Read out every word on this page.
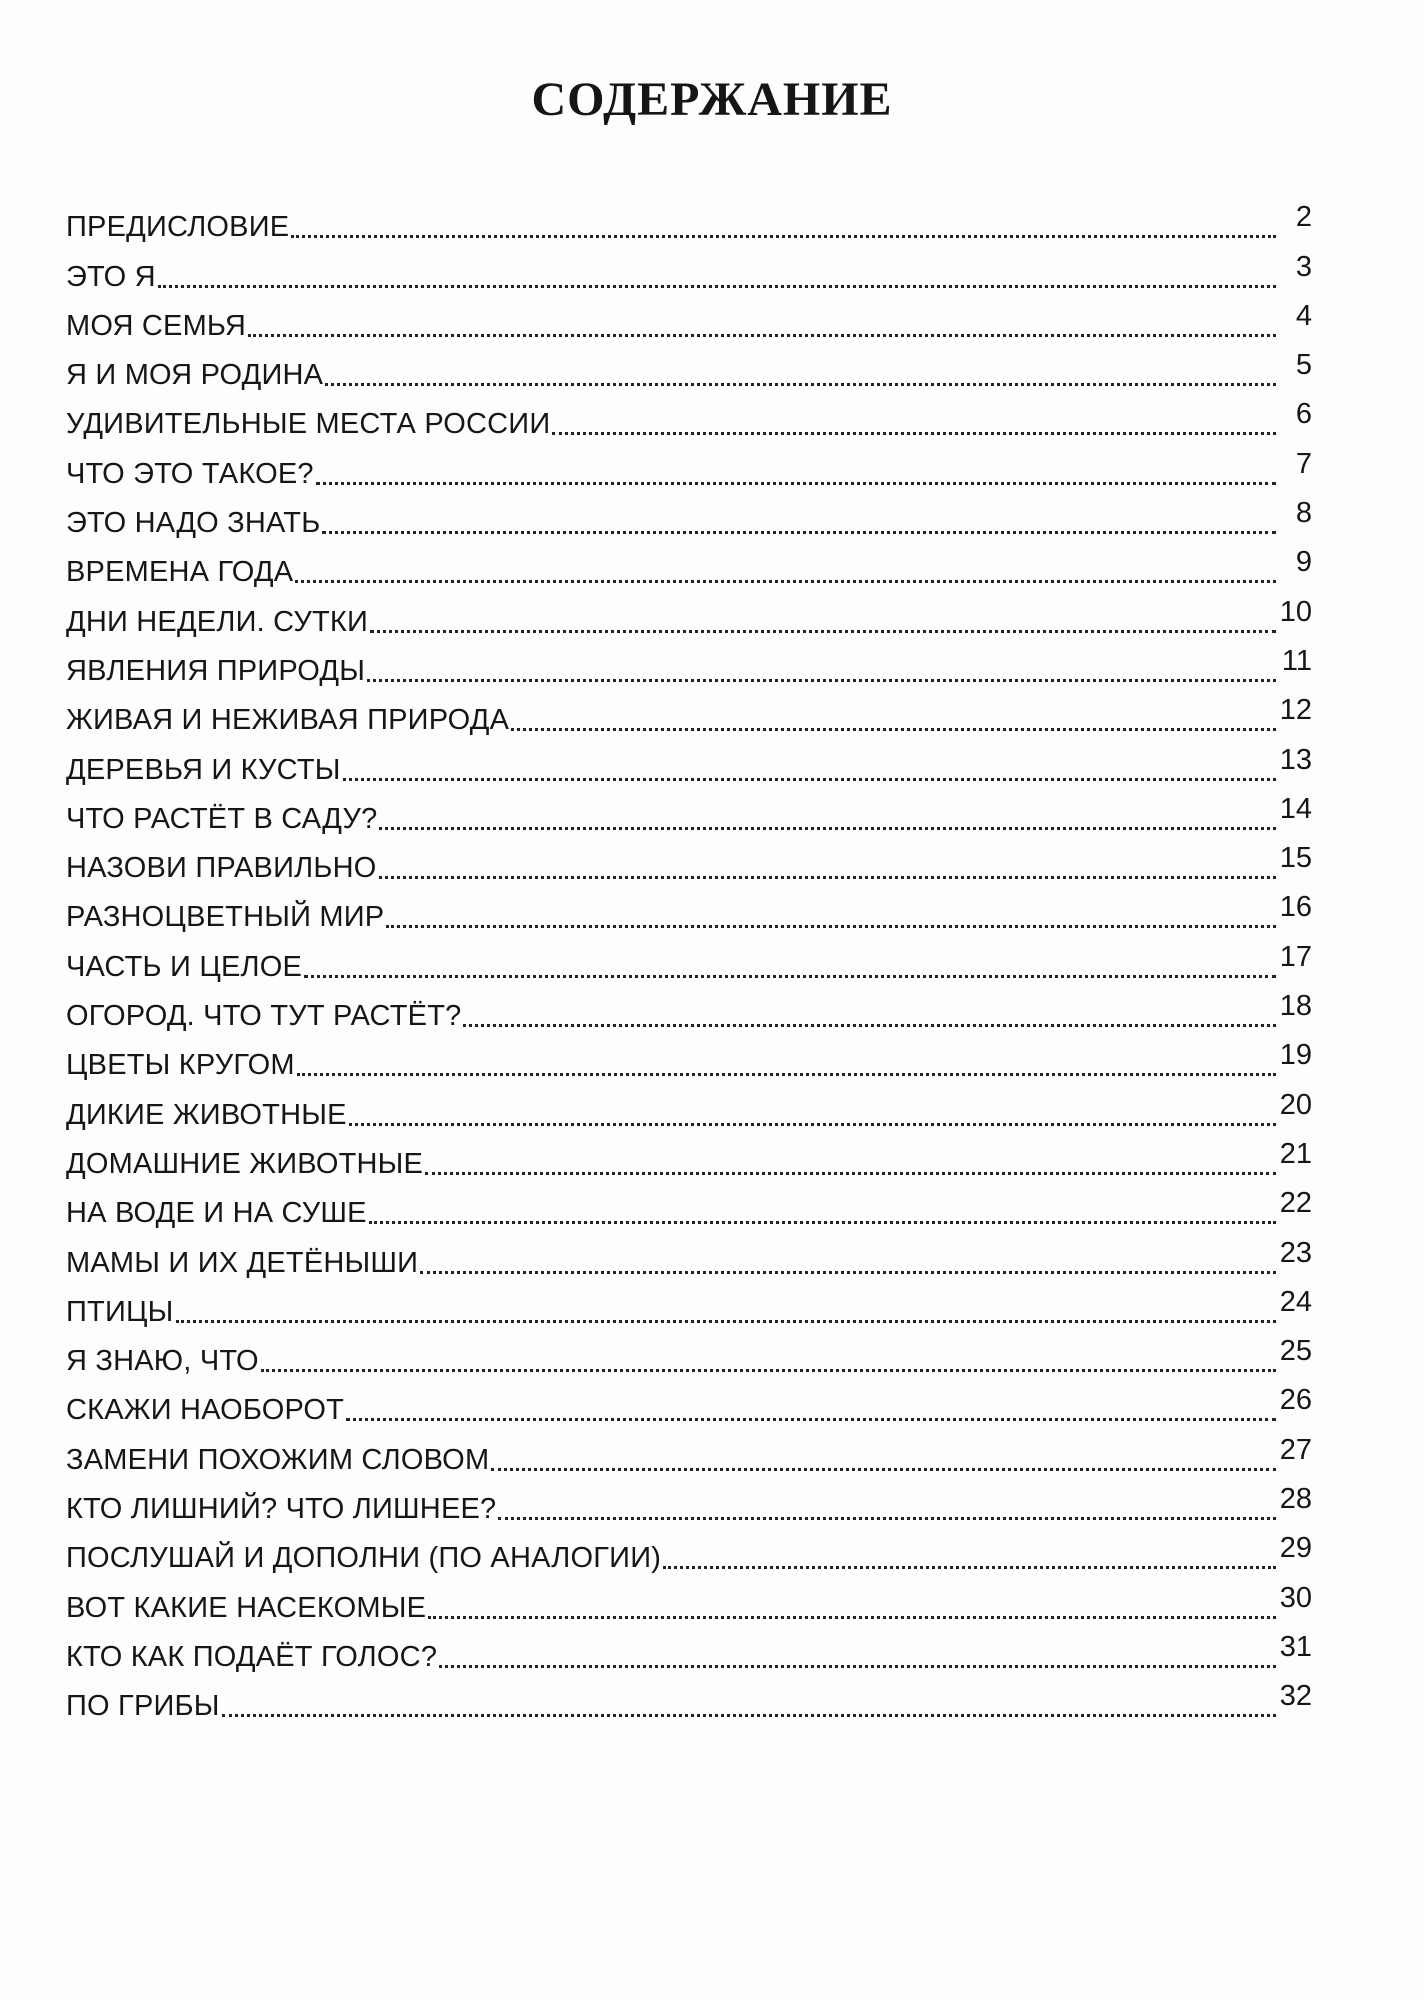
СОДЕРЖАНИЕ
ПРЕДИСЛОВИЕ	2
ЭТО Я	3
МОЯ СЕМЬЯ	4
Я И МОЯ РОДИНА	5
УДИВИТЕЛЬНЫЕ МЕСТА РОССИИ	6
ЧТО ЭТО ТАКОЕ?	7
ЭТО НАДО ЗНАТЬ	8
ВРЕМЕНА ГОДА	9
ДНИ НЕДЕЛИ. СУТКИ	10
ЯВЛЕНИЯ ПРИРОДЫ	11
ЖИВАЯ И НЕЖИВАЯ ПРИРОДА	12
ДЕРЕВЬЯ И КУСТЫ	13
ЧТО РАСТЁТ В САДУ?	14
НАЗОВИ ПРАВИЛЬНО	15
РАЗНОЦВЕТНЫЙ МИР	16
ЧАСТЬ И ЦЕЛОЕ	17
ОГОРОД. ЧТО ТУТ РАСТЁТ?	18
ЦВЕТЫ КРУГОМ	19
ДИКИЕ ЖИВОТНЫЕ	20
ДОМАШНИЕ ЖИВОТНЫЕ	21
НА ВОДЕ И НА СУШЕ	22
МАМЫ И ИХ ДЕТЁНЫШИ	23
ПТИЦЫ	24
Я ЗНАЮ, ЧТО	25
СКАЖИ НАОБОРОТ	26
ЗАМЕНИ ПОХОЖИМ СЛОВОМ	27
КТО ЛИШНИЙ? ЧТО ЛИШНЕЕ?	28
ПОСЛУШАЙ И ДОПОЛНИ (ПО АНАЛОГИИ)	29
ВОТ КАКИЕ НАСЕКОМЫЕ	30
КТО КАК ПОДАЁТ ГОЛОС?	31
ПО ГРИБЫ	32
